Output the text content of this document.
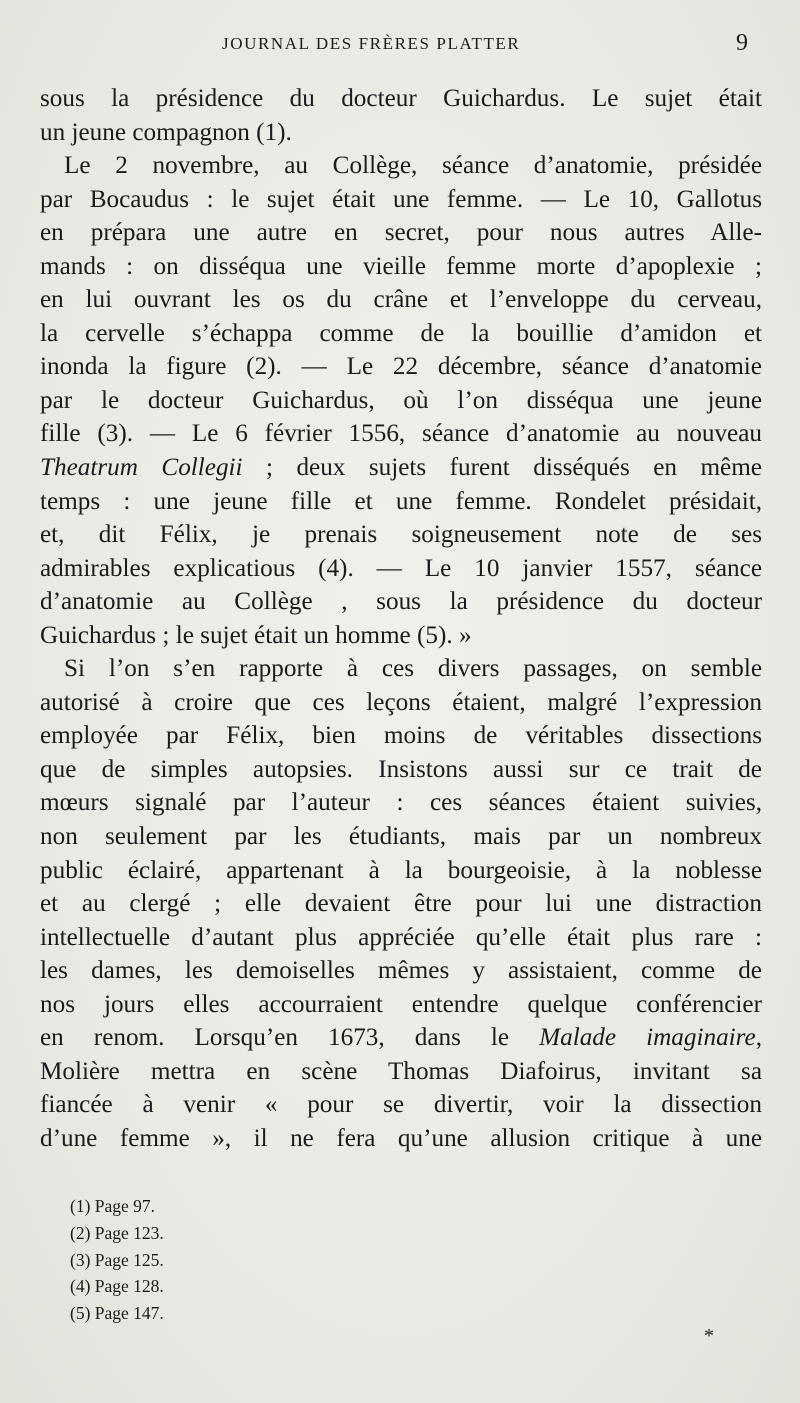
JOURNAL DES FRÈRES PLATTER	9
sous la présidence du docteur Guichardus. Le sujet était
un jeune compagnon (1).
Le 2 novembre, au Collège, séance d’anatomie, présidée
par Bocaudus : le sujet était une femme. — Le 10, Gallotus
en prépara une autre en secret, pour nous autres Alle-
mands : on disséqua une vieille femme morte d’apoplexie ;
en lui ouvrant les os du crâne et l’enveloppe du cerveau,
la cervelle s’échappa comme de la bouillie d’amidon et
inonda la figure (2). — Le 22 décembre, séance d’anatomie
par le docteur Guichardus, où l’on disséqua une jeune
fille (3). — Le 6 février 1556, séance d’anatomie au nouveau
Theatrum Collegii ; deux sujets furent disséqués en même
temps : une jeune fille et une femme. Rondelet présidait,
et, dit Félix, je prenais soigneusement note de ses
admirables explicatious (4). — Le 10 janvier 1557, séance
d’anatomie au Collège , sous la présidence du docteur
Guichardus ; le sujet était un homme (5). »
Si l’on s’en rapporte à ces divers passages, on semble
autorisé à croire que ces leçons étaient, malgré l’expression
employée par Félix, bien moins de véritables dissections
que de simples autopsies. Insistons aussi sur ce trait de
mœurs signalé par l’auteur : ces séances étaient suivies,
non seulement par les étudiants, mais par un nombreux
public éclairé, appartenant à la bourgeoisie, à la noblesse
et au clergé ; elle devaient être pour lui une distraction
intellectuelle d’autant plus appréciée qu’elle était plus rare :
les dames, les demoiselles mêmes y assistaient, comme de
nos jours elles accourraient entendre quelque conférencier
en renom. Lorsqu’en 1673, dans le Malade imaginaire,
Molière mettra en scène Thomas Diafoirus, invitant sa
fiancée à venir « pour se divertir, voir la dissection
d’une femme », il ne fera qu’une allusion critique à une
(1) Page 97.
(2) Page 123.
(3) Page 125.
(4) Page 128.
(5) Page 147.
*
